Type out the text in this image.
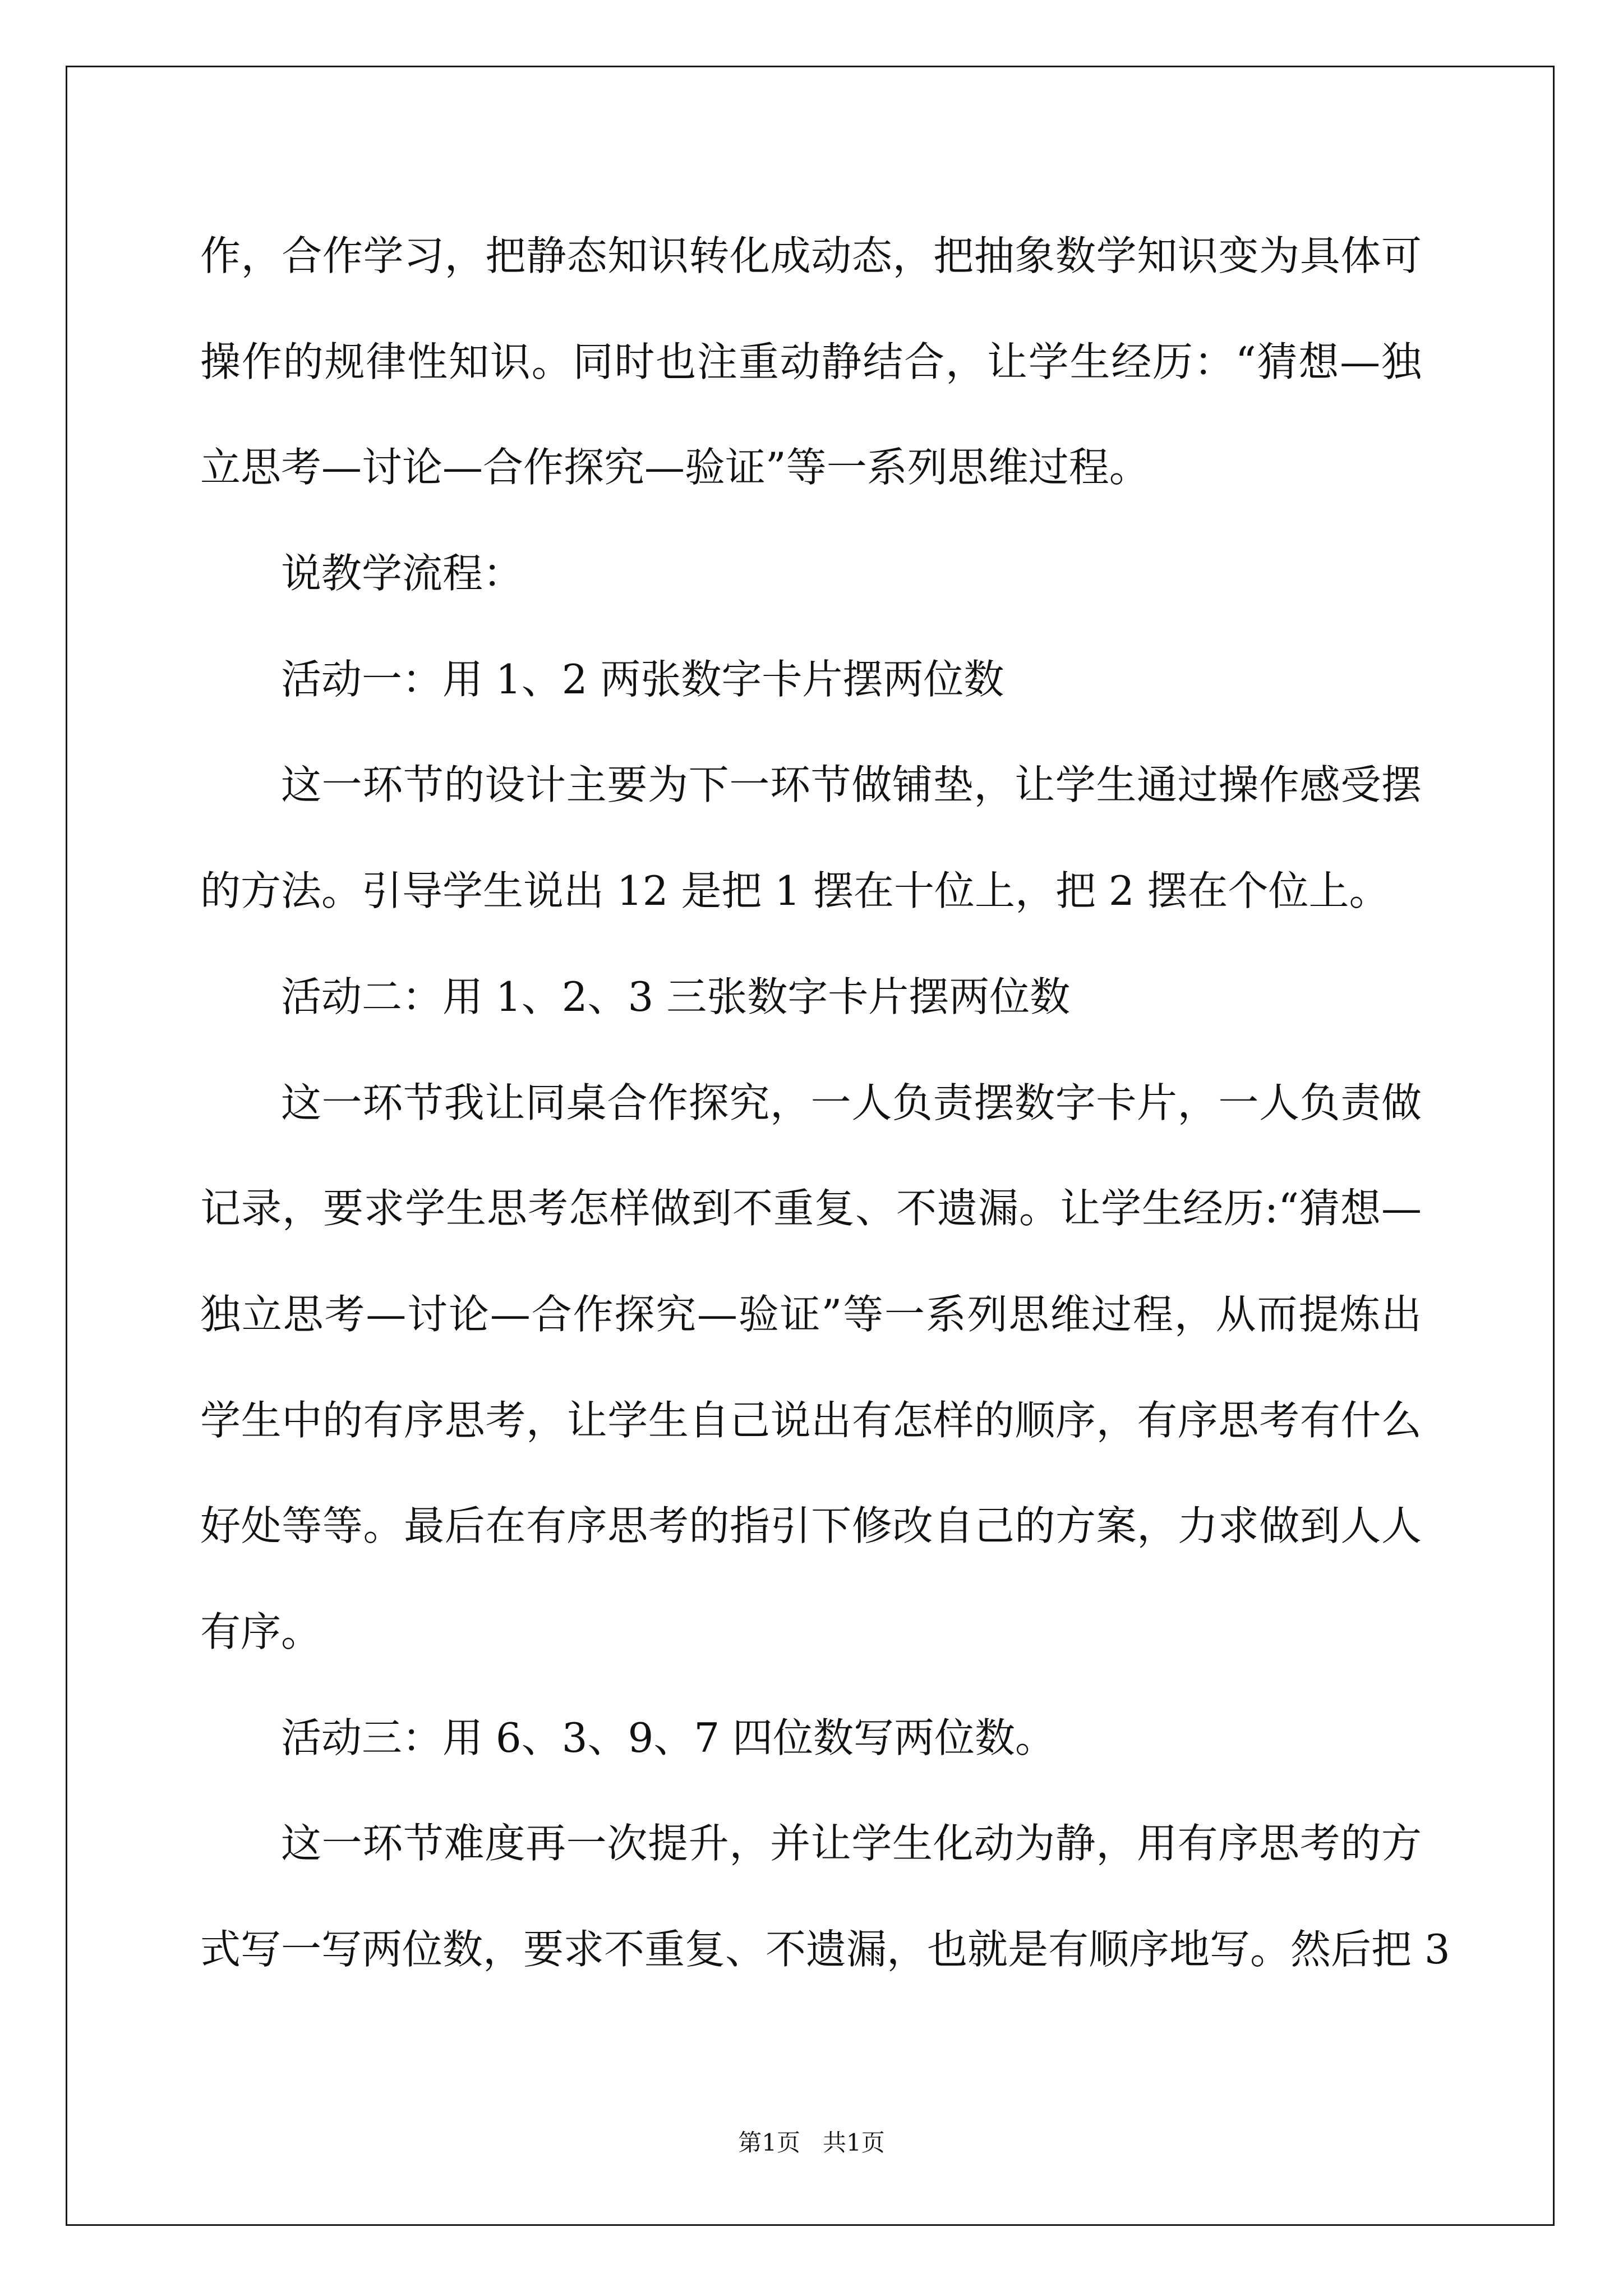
作，合作学习，把静态知识转化成动态，把抽象数学知识变为具体可
操作的规律性知识。同时也注重动静结合，让学生经历：“猜想—独
立思考—讨论—合作探究—验证”等一系列思维过程。
说教学流程：
活动一：用 1、2 两张数字卡片摆两位数
这一环节的设计主要为下一环节做铺垫，让学生通过操作感受摆
的方法。引导学生说出 12 是把 1 摆在十位上，把 2 摆在个位上。
活动二：用 1、2、3 三张数字卡片摆两位数
这一环节我让同桌合作探究，一人负责摆数字卡片，一人负责做
记录，要求学生思考怎样做到不重复、不遗漏。让学生经历:“猜想—
独立思考—讨论—合作探究—验证”等一系列思维过程，从而提炼出
学生中的有序思考，让学生自己说出有怎样的顺序，有序思考有什么
好处等等。最后在有序思考的指引下修改自己的方案，力求做到人人
有序。
活动三：用 6、3、9、7 四位数写两位数。
这一环节难度再一次提升，并让学生化动为静，用有序思考的方
式写一写两位数，要求不重复、不遗漏，也就是有顺序地写。然后把 3
第1页   共1页
